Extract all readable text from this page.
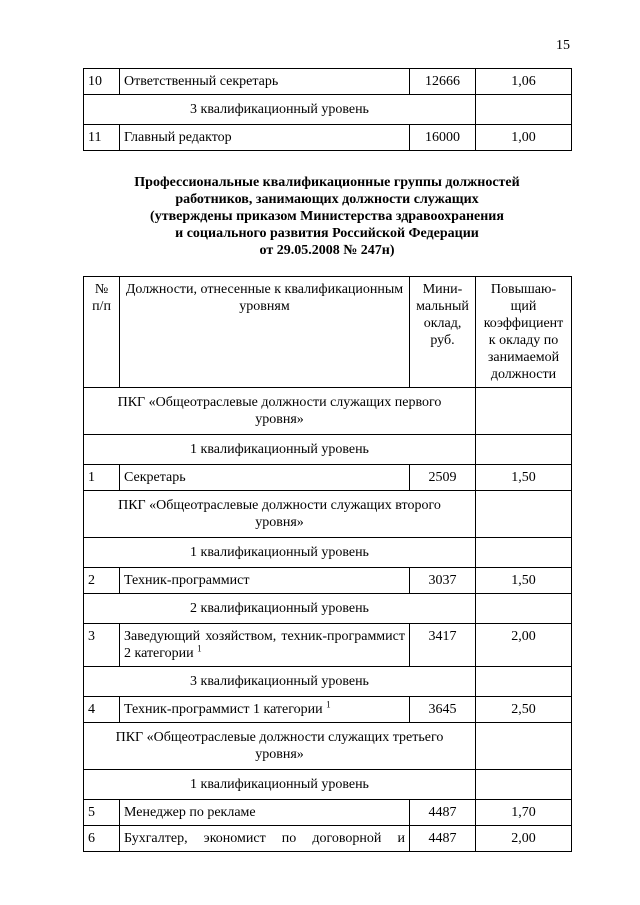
15
10	Ответственный секретарь	12666	1,06
3 квалификационный уровень			
11	Главный редактор	16000	1,00
Профессиональные квалификационные группы должностей
работников, занимающих должности служащих
(утверждены приказом Министерства здравоохранения
и социального развития Российской Федерации
от 29.05.2008 № 247н)
№ п/п	Должности, отнесенные к квалификационным уровням	Мини-мальный оклад, руб.	Повышаю-щий коэффициент к окладу по занимаемой должности
ПКГ «Общеотраслевые должности служащих первого уровня»			
1 квалификационный уровень			
1	Секретарь	2509	1,50
ПКГ «Общеотраслевые должности служащих второго уровня»			
1 квалификационный уровень			
2	Техник-программист	3037	1,50
2 квалификационный уровень			
3	Заведующий хозяйством, техник-программист 2 категории $^1$	3417	2,00
3 квалификационный уровень			
4	Техник-программист 1 категории $^1$	3645	2,50
ПКГ «Общеотраслевые должности служащих третьего уровня»			
1 квалификационный уровень			
5	Менеджер по рекламе	4487	1,70
6	Бухгалтер, экономист по договорной и	4487	2,00
